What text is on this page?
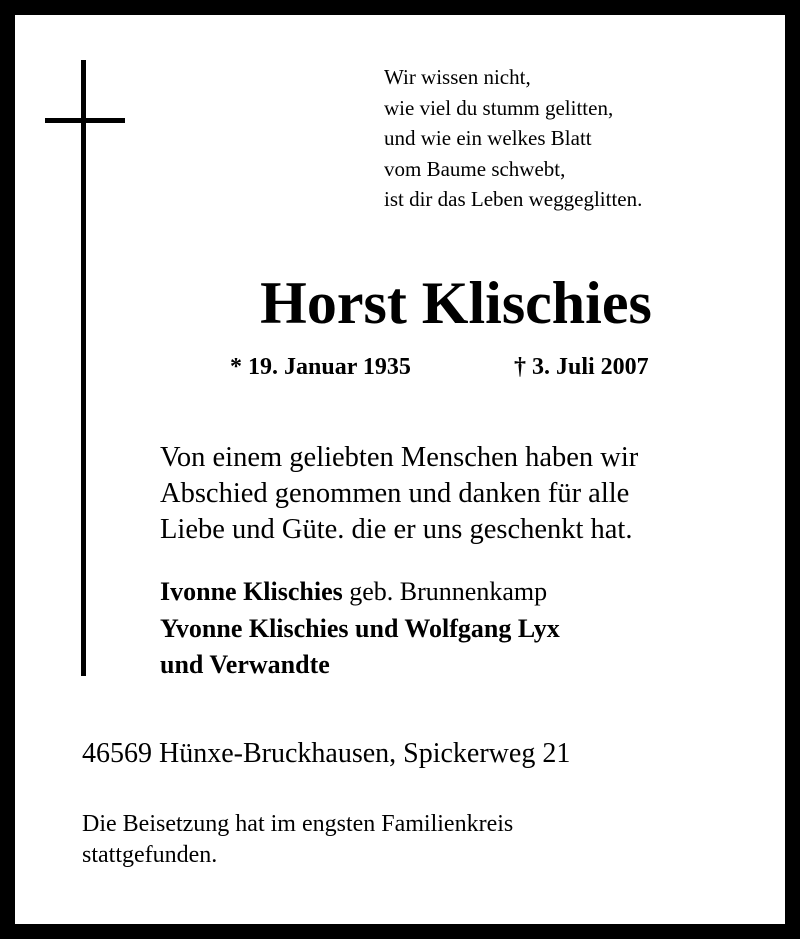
Wir wissen nicht,
wie viel du stumm gelitten,
und wie ein welkes Blatt
vom Baume schwebt,
ist dir das Leben weggeglitten.
Horst Klischies
* 19. Januar 1935	† 3. Juli 2007
Von einem geliebten Menschen haben wir
Abschied genommen und danken für alle
Liebe und Güte. die er uns geschenkt hat.
Ivonne Klischies geb. Brunnenkamp
Yvonne Klischies und Wolfgang Lyx
und Verwandte
46569 Hünxe-Bruckhausen, Spickerweg 21
Die Beisetzung hat im engsten Familienkreis
stattgefunden.
